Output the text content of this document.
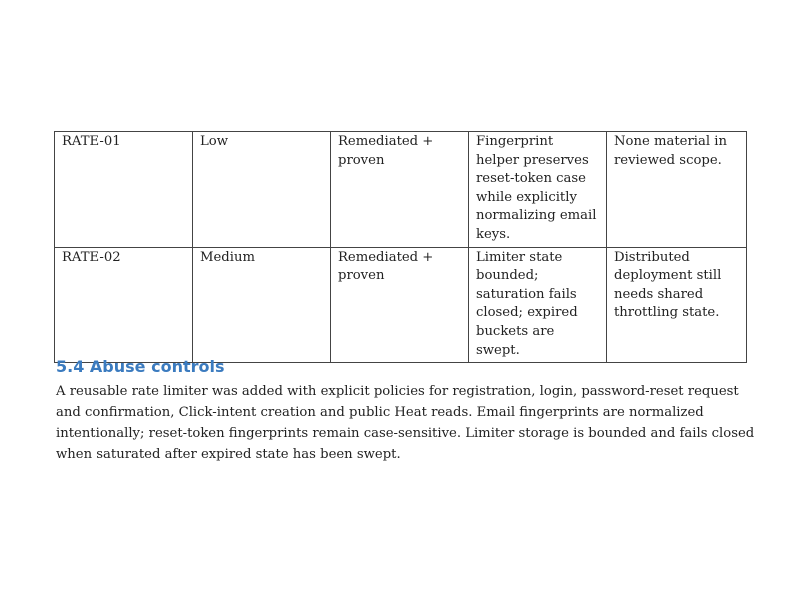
RATE-01	Low	Remediated + proven	Fingerprint helper preserves reset-token case while explicitly normalizing email keys.	None material in reviewed scope.
RATE-02	Medium	Remediated + proven	Limiter state bounded; saturation fails closed; expired buckets are swept.	Distributed deployment still needs shared throttling state.
5.4 Abuse controls

A reusable rate limiter was added with explicit policies for registration, login, password-reset request and confirmation, Click-intent creation and public Heat reads. Email fingerprints are normalized intentionally; reset-token fingerprints remain case-sensitive. Limiter storage is bounded and fails closed when saturated after expired state has been swept.
